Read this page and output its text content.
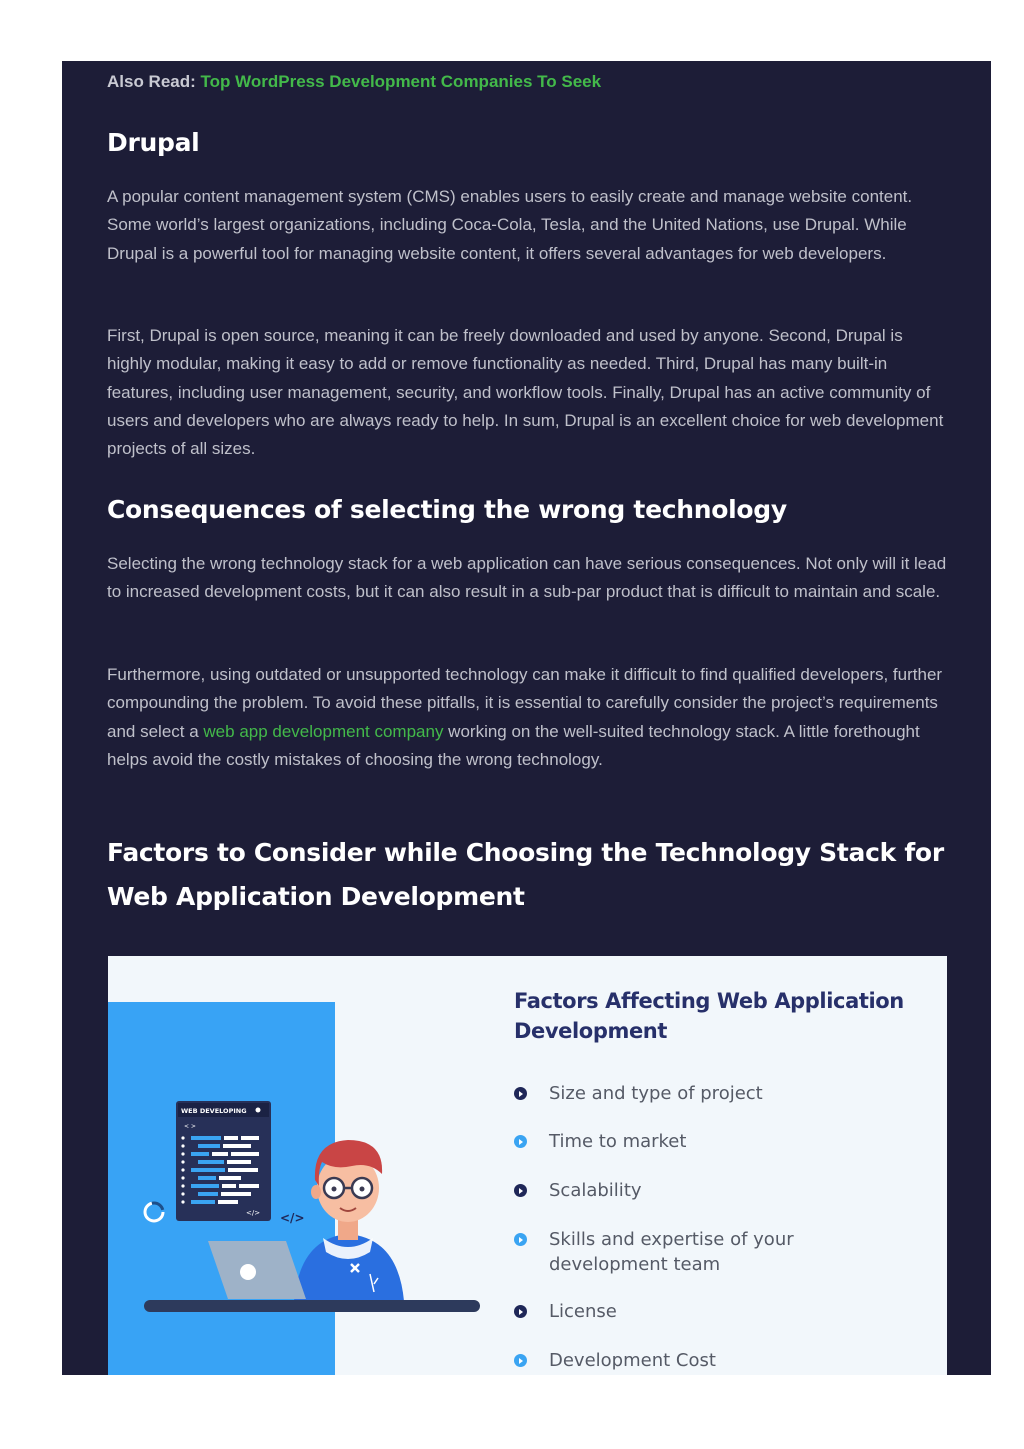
Also Read: Top WordPress Development Companies To Seek
Drupal

A popular content management system (CMS) enables users to easily create and manage website content. Some world’s largest organizations, including Coca-Cola, Tesla, and the United Nations, use Drupal. While Drupal is a powerful tool for managing website content, it offers several advantages for web developers.

First, Drupal is open source, meaning it can be freely downloaded and used by anyone. Second, Drupal is highly modular, making it easy to add or remove functionality as needed. Third, Drupal has many built-in features, including user management, security, and workflow tools. Finally, Drupal has an active community of users and developers who are always ready to help. In sum, Drupal is an excellent choice for web development projects of all sizes.

Consequences of selecting the wrong technology

Selecting the wrong technology stack for a web application can have serious consequences. Not only will it lead to increased development costs, but it can also result in a sub-par product that is difficult to maintain and scale.

Furthermore, using outdated or unsupported technology can make it difficult to find qualified developers, further compounding the problem. To avoid these pitfalls, it is essential to carefully consider the project’s requirements and select a web app development company working on the well-suited technology stack. A little forethought helps avoid the costly mistakes of choosing the wrong technology.

Factors to Consider while Choosing the Technology Stack for Web Application Development
WEB DEVELOPING
< >
</> </>
Factors Affecting Web Application Development
Size and type of project
Time to market
Scalability
Skills and expertise of your development team
License
Development Cost
